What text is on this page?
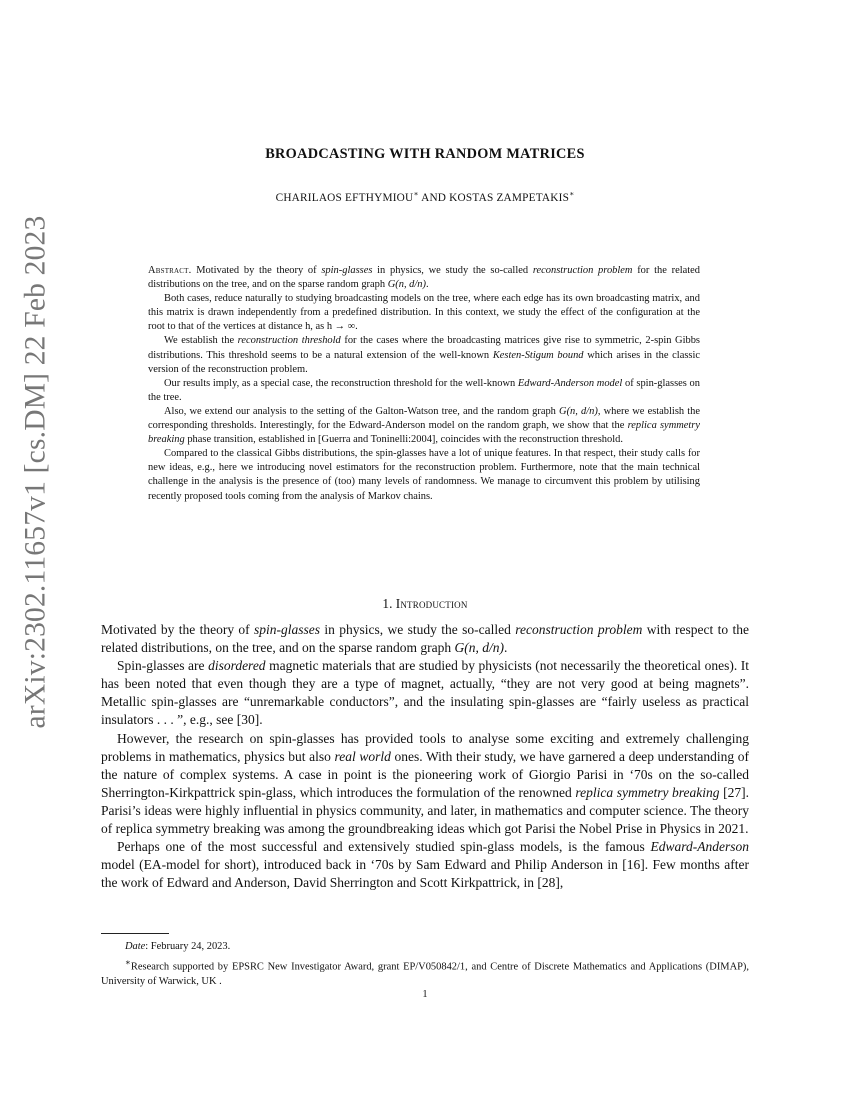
arXiv:2302.11657v1 [cs.DM] 22 Feb 2023
BROADCASTING WITH RANDOM MATRICES
CHARILAOS EFTHYMIOU∗ AND KOSTAS ZAMPETAKIS∗

Abstract. Motivated by the theory of spin-glasses in physics, we study the so-called reconstruction problem for the related distributions on the tree, and on the sparse random graph G(n, d/n).

Both cases, reduce naturally to studying broadcasting models on the tree, where each edge has its own broadcasting matrix, and this matrix is drawn independently from a predefined distribution. In this context, we study the effect of the configuration at the root to that of the vertices at distance h, as h → ∞.

We establish the reconstruction threshold for the cases where the broadcasting matrices give rise to symmetric, 2-spin Gibbs distributions. This threshold seems to be a natural extension of the well-known Kesten-Stigum bound which arises in the classic version of the reconstruction problem.

Our results imply, as a special case, the reconstruction threshold for the well-known Edward-Anderson model of spin-glasses on the tree.

Also, we extend our analysis to the setting of the Galton-Watson tree, and the random graph G(n, d/n), where we establish the corresponding thresholds. Interestingly, for the Edward-Anderson model on the random graph, we show that the replica symmetry breaking phase transition, established in [Guerra and Toninelli:2004], coincides with the reconstruction threshold.

Compared to the classical Gibbs distributions, the spin-glasses have a lot of unique features. In that respect, their study calls for new ideas, e.g., here we introducing novel estimators for the reconstruction problem. Furthermore, note that the main technical challenge in the analysis is the presence of (too) many levels of randomness. We manage to circumvent this problem by utilising recently proposed tools coming from the analysis of Markov chains.

1. Introduction

Motivated by the theory of spin-glasses in physics, we study the so-called reconstruction problem with respect to the related distributions, on the tree, and on the sparse random graph G(n, d/n).

Spin-glasses are disordered magnetic materials that are studied by physicists (not necessarily the theoretical ones). It has been noted that even though they are a type of magnet, actually, “they are not very good at being magnets”. Metallic spin-glasses are “unremarkable conductors”, and the insulating spin-glasses are “fairly useless as practical insulators . . . ”, e.g., see [30].

However, the research on spin-glasses has provided tools to analyse some exciting and extremely challenging problems in mathematics, physics but also real world ones. With their study, we have garnered a deep understanding of the nature of complex systems. A case in point is the pioneering work of Giorgio Parisi in ‘70s on the so-called Sherrington-Kirkpattrick spin-glass, which introduces the formulation of the renowned replica symmetry breaking [27]. Parisi’s ideas were highly influential in physics community, and later, in mathematics and computer science. The theory of replica symmetry breaking was among the groundbreaking ideas which got Parisi the Nobel Prise in Physics in 2021.

Perhaps one of the most successful and extensively studied spin-glass models, is the famous Edward-Anderson model (EA-model for short), introduced back in ‘70s by Sam Edward and Philip Anderson in [16]. Few months after the work of Edward and Anderson, David Sherrington and Scott Kirkpattrick, in [28],

Date: February 24, 2023.

∗Research supported by EPSRC New Investigator Award, grant EP/V050842/1, and Centre of Discrete Mathematics and Applications (DIMAP), University of Warwick, UK .

1
